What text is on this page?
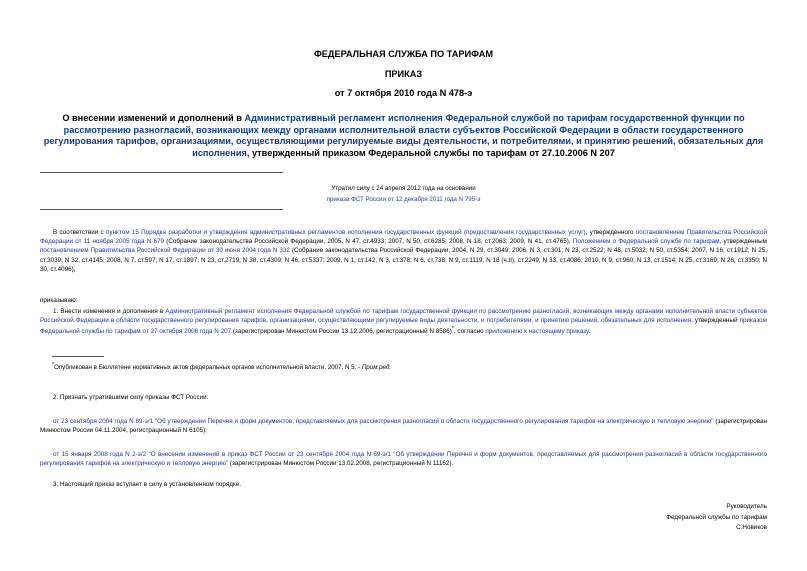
ФЕДЕРАЛЬНАЯ СЛУЖБА ПО ТАРИФАМ
ПРИКАЗ
от 7 октября 2010 года N 478-э
О внесении изменений и дополнений в Административный регламент исполнения Федеральной службой по тарифам государственной функции по рассмотрению разногласий, возникающих между органами исполнительной власти субъектов Российской Федерации в области государственного регулирования тарифов, организациями, осуществляющими регулируемые виды деятельности, и потребителями, и принятию решений, обязательных для исполнения, утвержденный приказом Федеральной службы по тарифам от 27.10.2006 N 207
Утратил силу с 24 апреля 2012 года на основании
приказа ФСТ России от 12 декабря 2011 года N 795-э
В соответствии с пунктом 15 Порядка разработки и утверждения административных регламентов исполнения государственных функций (предоставления государственных услуг), утвержденного постановлением Правительства Российской Федерации от 11 ноября 2005 года N 679 (Собрание законодательства Российской Федерации, 2005, N 47, ст.4933; 2007, N 50, ст.6285; 2008, N 18, ст.2063; 2009, N 41, ст.4765), Положением о Федеральной службе по тарифам, утвержденным постановлением Правительства Российской Федерации от 30 июня 2004 года N 332 (Собрание законодательства Российской Федерации, 2004, N 29, ст.3049; 2006, N 3, ст.301; N 23, ст.2522; N 48, ст.5032; N 50, ст.5354; 2007, N 16, ст.1912; N 25, ст.3039; N 32, ст.4145; 2008, N 7, ст.597; N 17, ст.1897; N 23, ст.2719; N 38, ст.4309; N 46, ст.5337; 2009, N 1, ст.142; N 3, ст.378; N 6, ст.738; N 9, ст.1119; N 18 (ч.II), ст.2249; N 33, ст.4086; 2010, N 9, ст.960; N 13, ст.1514; N 25, ст.3169; N 26, ст.3350; N 30, ст.4096),
приказываю:
1. Внести изменения и дополнения в Административный регламент исполнения Федеральной службой по тарифам государственной функции по рассмотрению разногласий, возникающих между органами исполнительной власти субъектов Российской Федерации в области государственного регулирования тарифов, организациями, осуществляющими регулируемые виды деятельности, и потребителями, и принятию решений, обязательных для исполнения, утвержденный приказом Федеральной службы по тарифам от 27 октября 2006 года N 207 (зарегистрирован Минюстом России 13.12.2006, регистрационный N 8586)*, согласно приложению к настоящему приказу.
*Опубликован в Бюллетене нормативных актов федеральных органов исполнительной власти, 2007, N 5. - Прим.ред.
2. Признать утратившими силу приказы ФСТ России:
от 23 сентября 2004 года N 89-э/1 "Об утверждении Перечня и форм документов, представляемых для рассмотрения разногласий в области государственного регулирования тарифов на электрическую и тепловую энергию" (зарегистрирован Минюстом России 04.11.2004, регистрационный N 6105);
от 15 января 2008 года N 2-э/2 "О внесении изменений в приказ ФСТ России от 23 сентября 2004 года N 89-э/1 "Об утверждении Перечня и форм документов, представляемых для рассмотрения разногласий в области государственного регулирования тарифов на электрическую и тепловую энергию" (зарегистрирован Минюстом России 13.02.2008, регистрационный N 11162).
3. Настоящий приказ вступает в силу в установленном порядке.
Руководитель
Федеральной службы по тарифам
С.Новиков
